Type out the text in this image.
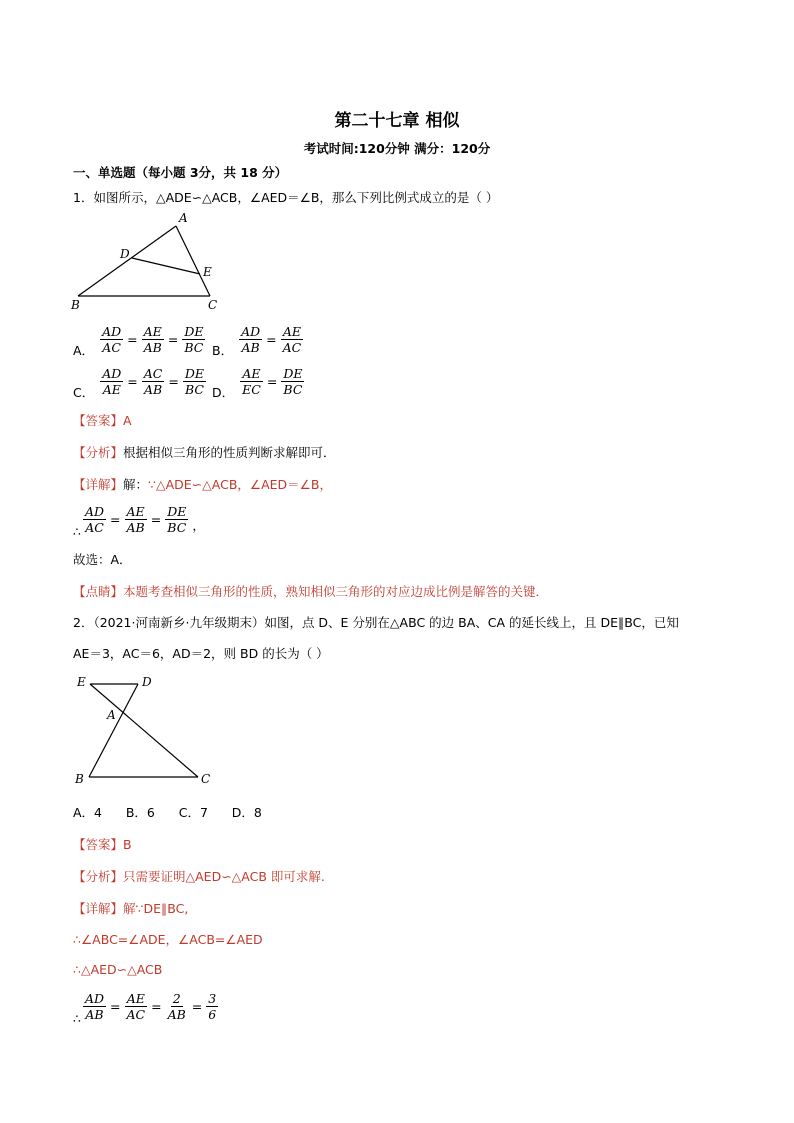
第二十七章 相似
考试时间:120分钟 满分：120分
一、单选题（每小题 3分，共 18 分）
1．如图所示，△ADE∽△ACB，∠AED＝∠B，那么下列比例式成立的是（ ）
A
D
E
B	C
A． $\frac{AD}{AC} = \frac{AE}{AB} = \frac{DE}{BC}$ B． $\frac{AD}{AB} = \frac{AE}{AC}$
C． $\frac{AD}{AE} = \frac{AC}{AB} = \frac{DE}{BC}$ D． $\frac{AE}{EC} = \frac{DE}{BC}$
【答案】A
【分析】根据相似三角形的性质判断求解即可．
【详解】解：∵△ADE∽△ACB，∠AED＝∠B，
∴ $\frac{AD}{AC} = \frac{AE}{AB} = \frac{DE}{BC}$ ，
故选：A．
【点睛】本题考查相似三角形的性质，熟知相似三角形的对应边成比例是解答的关键．
2．（2021·河南新乡·九年级期末）如图，点 D、E 分别在△ABC 的边 BA、CA 的延长线上，且 DE∥BC，已知
AE＝3，AC＝6，AD＝2，则 BD 的长为（ ）
E	D
A
B	C
A．4      B．6      C．7      D．8
【答案】B
【分析】只需要证明△AED∽△ACB 即可求解.
【详解】解∵DE∥BC,
∴∠ABC=∠ADE，∠ACB=∠AED
∴△AED∽△ACB
∴ $\frac{AD}{AB} = \frac{AE}{AC} = \frac{2}{AB} = \frac{3}{6}$
